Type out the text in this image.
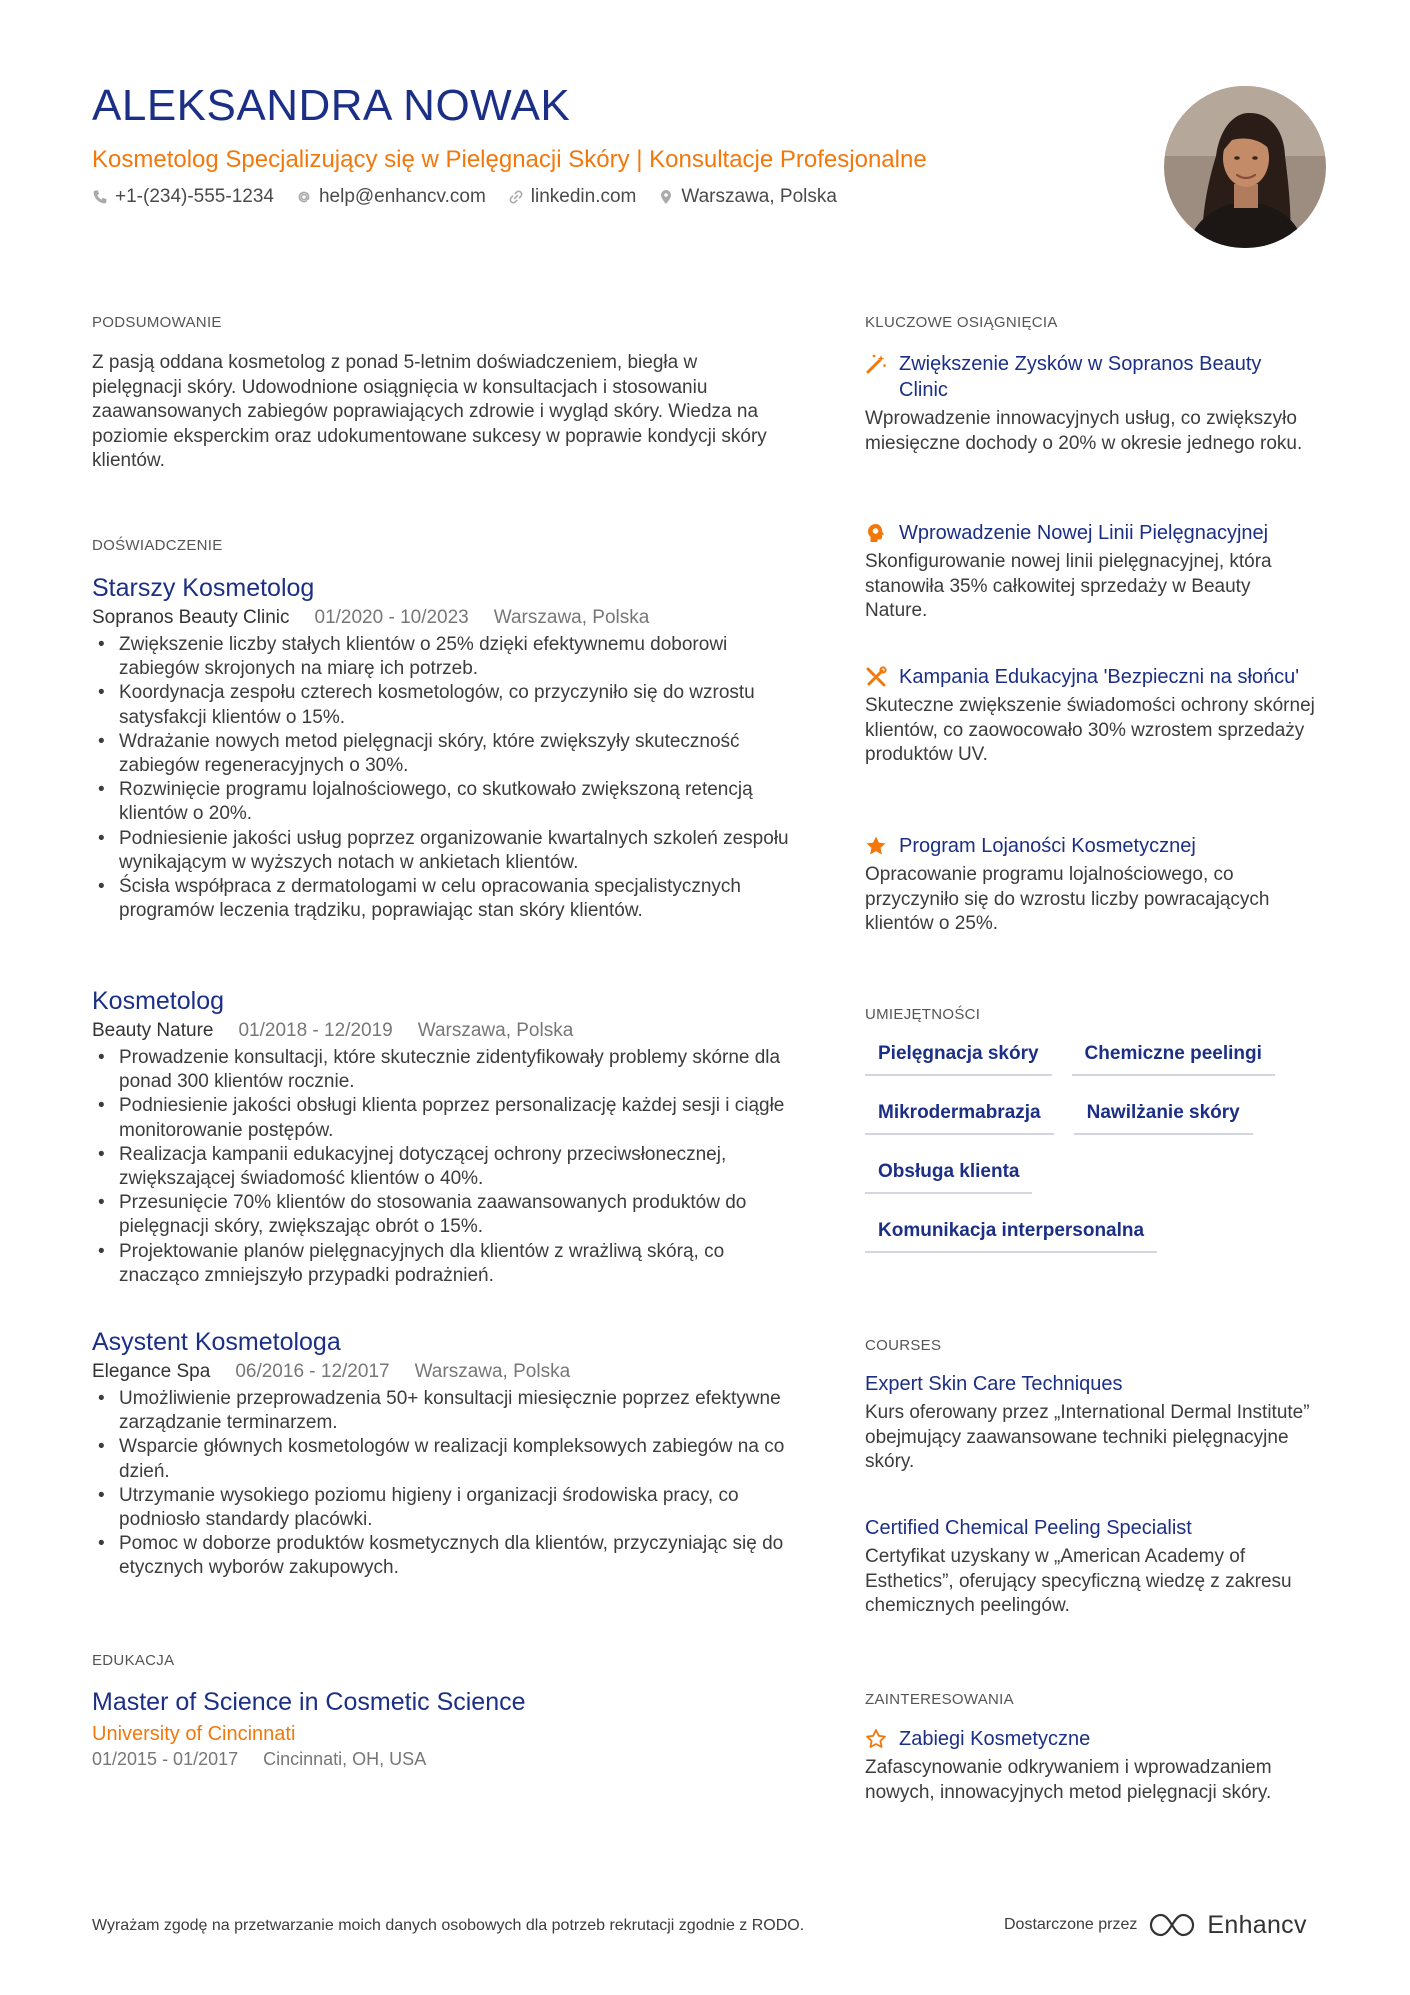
ALEKSANDRA NOWAK
Kosmetolog Specjalizujący się w Pielęgnacji Skóry | Konsultacje Profesjonalne
+1-(234)-555-1234 help@enhancv.com linkedin.com Warszawa, Polska
PODSUMOWANIE

Z pasją oddana kosmetolog z ponad 5-letnim doświadczeniem, biegła w pielęgnacji skóry. Udowodnione osiągnięcia w konsultacjach i stosowaniu zaawansowanych zabiegów poprawiających zdrowie i wygląd skóry. Wiedza na poziomie eksperckim oraz udokumentowane sukcesy w poprawie kondycji skóry klientów.

DOŚWIADCZENIE
Starszy Kosmetolog
Sopranos Beauty Clinic 01/2020 - 10/2023 Warszawa, Polska
• Zwiększenie liczby stałych klientów o 25% dzięki efektywnemu doborowi zabiegów skrojonych na miarę ich potrzeb.
• Koordynacja zespołu czterech kosmetologów, co przyczyniło się do wzrostu satysfakcji klientów o 15%.
• Wdrażanie nowych metod pielęgnacji skóry, które zwiększyły skuteczność zabiegów regeneracyjnych o 30%.
• Rozwinięcie programu lojalnościowego, co skutkowało zwiększoną retencją klientów o 20%.
• Podniesienie jakości usług poprzez organizowanie kwartalnych szkoleń zespołu wynikającym w wyższych notach w ankietach klientów.
• Ścisła współpraca z dermatologami w celu opracowania specjalistycznych programów leczenia trądziku, poprawiając stan skóry klientów.
Kosmetolog
Beauty Nature 01/2018 - 12/2019 Warszawa, Polska
• Prowadzenie konsultacji, które skutecznie zidentyfikowały problemy skórne dla ponad 300 klientów rocznie.
• Podniesienie jakości obsługi klienta poprzez personalizację każdej sesji i ciągłe monitorowanie postępów.
• Realizacja kampanii edukacyjnej dotyczącej ochrony przeciwsłonecznej, zwiększającej świadomość klientów o 40%.
• Przesunięcie 70% klientów do stosowania zaawansowanych produktów do pielęgnacji skóry, zwiększając obrót o 15%.
• Projektowanie planów pielęgnacyjnych dla klientów z wrażliwą skórą, co znacząco zmniejszyło przypadki podrażnień.
Asystent Kosmetologa
Elegance Spa 06/2016 - 12/2017 Warszawa, Polska
• Umożliwienie przeprowadzenia 50+ konsultacji miesięcznie poprzez efektywne zarządzanie terminarzem.
• Wsparcie głównych kosmetologów w realizacji kompleksowych zabiegów na co dzień.
• Utrzymanie wysokiego poziomu higieny i organizacji środowiska pracy, co podniosło standardy placówki.
• Pomoc w doborze produktów kosmetycznych dla klientów, przyczyniając się do etycznych wyborów zakupowych.
EDUKACJA
Master of Science in Cosmetic Science
University of Cincinnati
01/2015 - 01/2017 Cincinnati, OH, USA
KLUCZOWE OSIĄGNIĘCIA
Zwiększenie Zysków w Sopranos Beauty Clinic

Wprowadzenie innowacyjnych usług, co zwiększyło miesięczne dochody o 20% w okresie jednego roku.

Wprowadzenie Nowej Linii Pielęgnacyjnej

Skonfigurowanie nowej linii pielęgnacyjnej, która stanowiła 35% całkowitej sprzedaży w Beauty Nature.

Kampania Edukacyjna 'Bezpieczni na słońcu'

Skuteczne zwiększenie świadomości ochrony skórnej klientów, co zaowocowało 30% wzrostem sprzedaży produktów UV.

Program Lojaności Kosmetycznej

Opracowanie programu lojalnościowego, co przyczyniło się do wzrostu liczby powracających klientów o 25%.

UMIEJĘTNOŚCI
Pielęgnacja skóry	Chemiczne peelingi
Mikrodermabrazja	Nawilżanie skóry
Obsługa klienta
Komunikacja interpersonalna
COURSES
Expert Skin Care Techniques

Kurs oferowany przez „International Dermal Institute” obejmujący zaawansowane techniki pielęgnacyjne skóry.

Certified Chemical Peeling Specialist

Certyfikat uzyskany w „American Academy of Esthetics”, oferujący specyficzną wiedzę z zakresu chemicznych peelingów.

ZAINTERESOWANIA
Zabiegi Kosmetyczne

Zafascynowanie odkrywaniem i wprowadzaniem nowych, innowacyjnych metod pielęgnacji skóry.

Wyrażam zgodę na przetwarzanie moich danych osobowych dla potrzeb rekrutacji zgodnie z RODO.	Dostarczone przez	Enhancv
